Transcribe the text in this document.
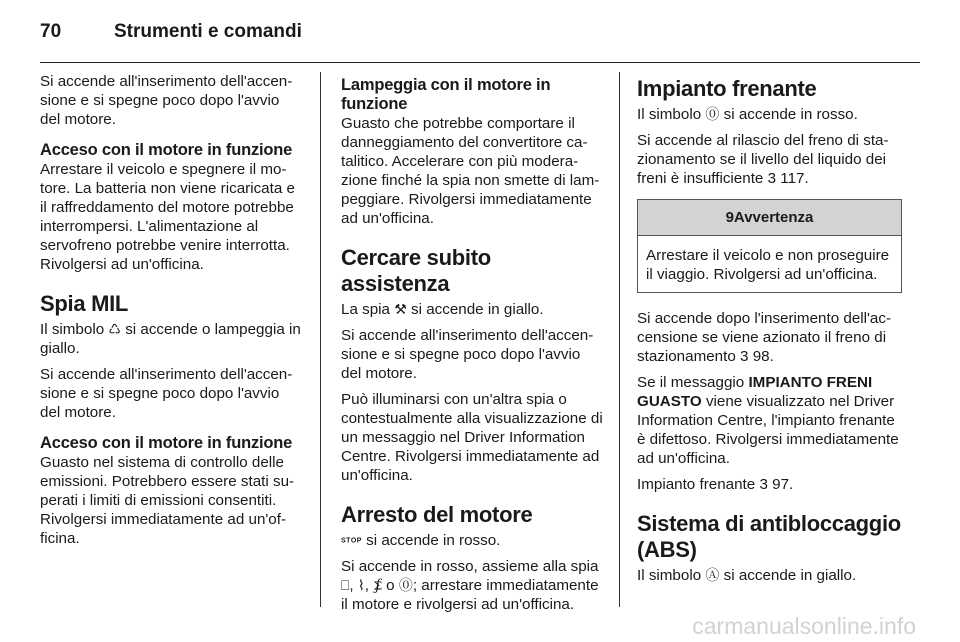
70	Strumenti e comandi

Si accende all'inserimento dell'accensione e si spegne poco dopo l'avvio del motore.

Acceso con il motore in funzione

Arrestare il veicolo e spegnere il motore. La batteria non viene ricaricata e il raffreddamento del motore potrebbe interrompersi. L'alimentazione al servofreno potrebbe venire interrotta. Rivolgersi ad un'officina.

Spia MIL

Il simbolo ♺ si accende o lampeggia in giallo.

Si accende all'inserimento dell'accensione e si spegne poco dopo l'avvio del motore.

Acceso con il motore in funzione

Guasto nel sistema di controllo delle emissioni. Potrebbero essere stati superati i limiti di emissioni consentiti. Rivolgersi immediatamente ad un'officina.

Lampeggia con il motore in funzione

Guasto che potrebbe comportare il danneggiamento del convertitore catalitico. Accelerare con più moderazione finché la spia non smette di lampeggiare. Rivolgersi immediatamente ad un'officina.

Cercare subito assistenza

La spia ⚒ si accende in giallo.

Si accende all'inserimento dell'accensione e si spegne poco dopo l'avvio del motore.

Può illuminarsi con un'altra spia o contestualmente alla visualizzazione di un messaggio nel Driver Information Centre. Rivolgersi immediatamente ad un'officina.

Arresto del motore

STOP si accende in rosso.

Si accende in rosso, assieme alla spia ⎕, ⌇, ⨋ o ⓪; arrestare immediatamente il motore e rivolgersi ad un'officina.

Impianto frenante

Il simbolo ⓪ si accende in rosso.

Si accende al rilascio del freno di stazionamento se il livello del liquido dei freni è insufficiente 3 117.

9Avvertenza
Arrestare il veicolo e non proseguire il viaggio. Rivolgersi ad un'officina.

Si accende dopo l'inserimento dell'accensione se viene azionato il freno di stazionamento 3 98.

Se il messaggio IMPIANTO FRENI GUASTO viene visualizzato nel Driver Information Centre, l'impianto frenante è difettoso. Rivolgersi immediatamente ad un'officina.

Impianto frenante 3 97.

Sistema di antibloccaggio (ABS)

Il simbolo Ⓐ si accende in giallo.

carmanualsonline.info
